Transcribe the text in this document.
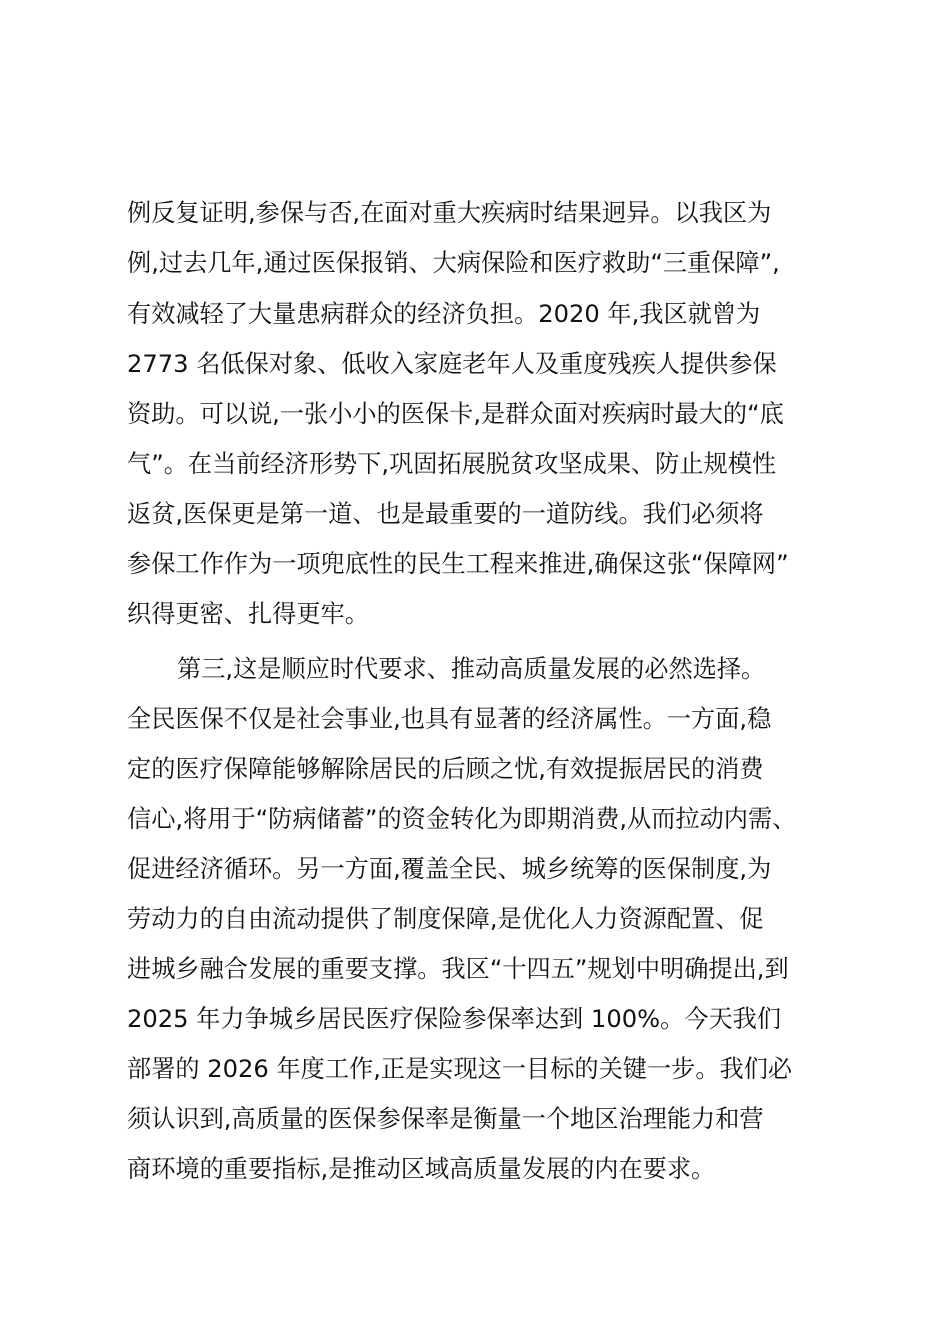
例反复证明,参保与否,在面对重大疾病时结果迥异。以我区为
例,过去几年,通过医保报销、大病保险和医疗救助“三重保障”,
有效减轻了大量患病群众的经济负担。2020 年,我区就曾为
2773 名低保对象、低收入家庭老年人及重度残疾人提供参保
资助。可以说,一张小小的医保卡,是群众面对疾病时最大的“底
气”。在当前经济形势下,巩固拓展脱贫攻坚成果、防止规模性
返贫,医保更是第一道、也是最重要的一道防线。我们必须将
参保工作作为一项兜底性的民生工程来推进,确保这张“保障网”
织得更密、扎得更牢。
第三,这是顺应时代要求、推动高质量发展的必然选择。
全民医保不仅是社会事业,也具有显著的经济属性。一方面,稳
定的医疗保障能够解除居民的后顾之忧,有效提振居民的消费
信心,将用于“防病储蓄”的资金转化为即期消费,从而拉动内需、
促进经济循环。另一方面,覆盖全民、城乡统筹的医保制度,为
劳动力的自由流动提供了制度保障,是优化人力资源配置、促
进城乡融合发展的重要支撑。我区“十四五”规划中明确提出,到
2025 年力争城乡居民医疗保险参保率达到 100%。今天我们
部署的 2026 年度工作,正是实现这一目标的关键一步。我们必
须认识到,高质量的医保参保率是衡量一个地区治理能力和营
商环境的重要指标,是推动区域高质量发展的内在要求。
